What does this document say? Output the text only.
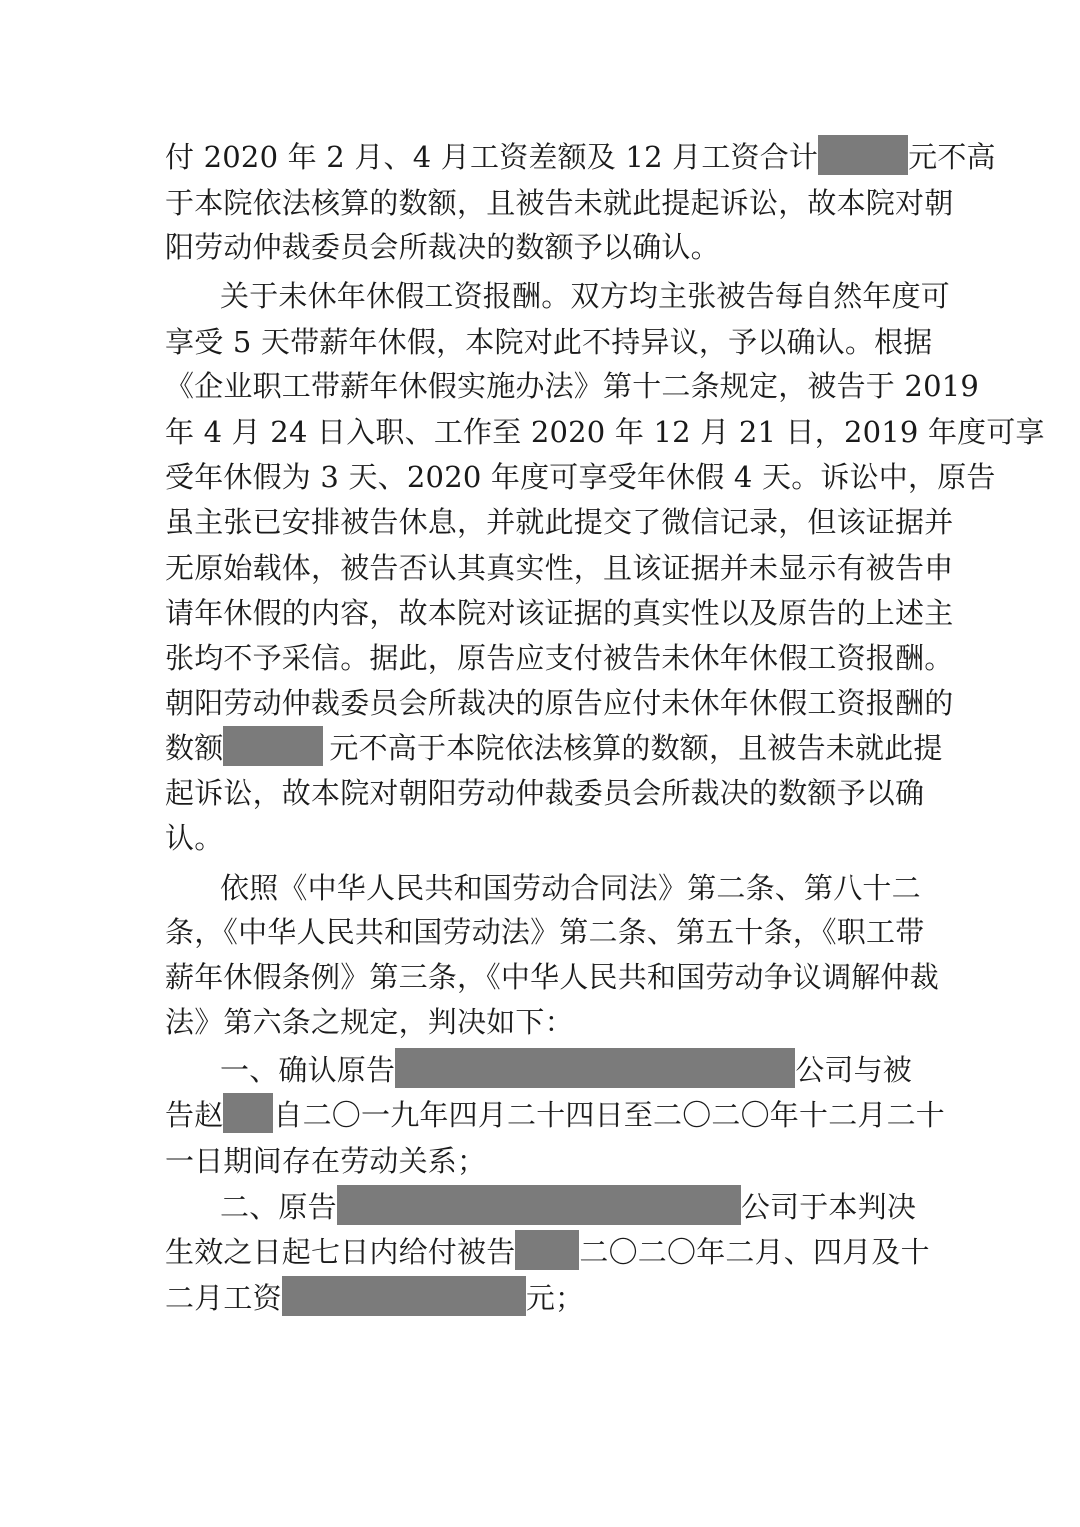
付 2020 年 2 月、4 月工资差额及 12 月工资合计	元不高
于本院依法核算的数额，且被告未就此提起诉讼，故本院对朝
阳劳动仲裁委员会所裁决的数额予以确认。
关于未休年休假工资报酬。双方均主张被告每自然年度可
享受 5 天带薪年休假，本院对此不持异议，予以确认。根据
《企业职工带薪年休假实施办法》第十二条规定，被告于 2019
年 4 月 24 日入职、工作至 2020 年 12 月 21 日，2019 年度可享
受年休假为 3 天、2020 年度可享受年休假 4 天。诉讼中，原告
虽主张已安排被告休息，并就此提交了微信记录，但该证据并
无原始载体，被告否认其真实性，且该证据并未显示有被告申
请年休假的内容，故本院对该证据的真实性以及原告的上述主
张均不予采信。据此，原告应支付被告未休年休假工资报酬。
朝阳劳动仲裁委员会所裁决的原告应付未休年休假工资报酬的
数额	元不高于本院依法核算的数额，且被告未就此提
起诉讼，故本院对朝阳劳动仲裁委员会所裁决的数额予以确
认。
依照《中华人民共和国劳动合同法》第二条、第八十二
条，《中华人民共和国劳动法》第二条、第五十条，《职工带
薪年休假条例》第三条，《中华人民共和国劳动争议调解仲裁
法》第六条之规定，判决如下：
一、确认原告	公司与被
告赵 自二〇一九年四月二十四日至二〇二〇年十二月二十
一日期间存在劳动关系；
二、原告	公司于本判决
生效之日起七日内给付被告 二〇二〇年二月、四月及十
二月工资	元；
